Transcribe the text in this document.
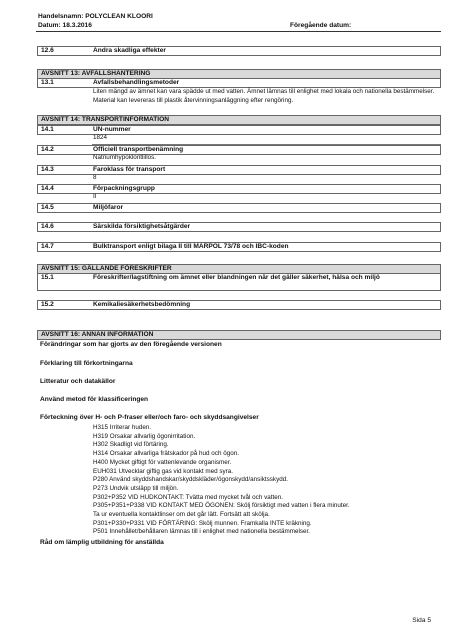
Handelsnamn: POLYCLEAN KLOORI
Datum: 18.3.2016	Föregående datum:
12.6	Andra skadliga effekter
AVSNITT 13: AVFALLSHANTERING
13.1	Avfallsbehandlingsmetoder
Liten mängd av ämnet kan vara spädde ut med vatten. Ämnet lämnas till enlighet med lokala och nationella bestämmelser. Material kan levereras till plastik återvinningsanläggning efter rengöring.
AVSNITT 14: TRANSPORTINFORMATION
14.1	UN-nummer
1824
14.2	Officiell transportbenämning
Natriumhypokloritlillos.
14.3	Faroklass för transport
8
14.4	Förpackningsgrupp
II
14.5	Miljöfaror
14.6	Särskilda försiktighetsåtgärder
14.7	Bulktransport enligt bilaga II till MARPOL 73/78 och IBC-koden
AVSNITT 15: GÄLLANDE FÖRESKRIFTER
15.1	Föreskrifter/lagstiftning om ämnet eller blandningen när det gäller säkerhet, hälsa och miljö
15.2	Kemikaliesäkerhetsbedömning
AVSNITT 16: ANNAN INFORMATION
Förändringar som har gjorts av den föregående versionen
Förklaring till förkortningarna
Litteratur och datakällor
Använd metod för klassificeringen
Förteckning över H- och P-fraser eller/och faro- och skyddsangivelser
H315 Irriterar huden.
H319 Orsakar allvarlig ögonirritation.
H302 Skadligt vid förtäring.
H314 Orsakar allvarliga frätskador på hud och ögon.
H400 Mycket giftigt för vattenlevande organismer.
EUH031 Utvecklar giftig gas vid kontakt med syra.
P280 Använd skyddshandskar/skyddskläder/ögonskydd/ansiktsskydd.
P273 Undvik utsläpp till miljön.
P302+P352 VID HUDKONTAKT: Tvätta med mycket tvål och vatten.
P305+P351+P338 VID KONTAKT MED ÖGONEN: Skölj försiktigt med vatten i flera minuter.
Ta ur eventuella kontaktlinser om det går lätt. Fortsätt att skölja.
P301+P330+P331 VID FÖRTÄRING: Skölj munnen. Framkalla INTE kräkning.
P501 Innehållet/behållaren lämnas till i enlighet med nationella bestämmelser.
Råd om lämplig utbildning för anställda
Sida 5
